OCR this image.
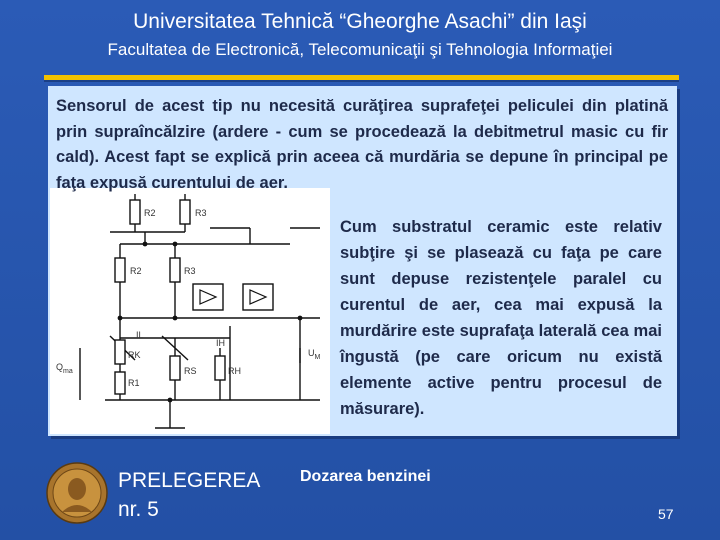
Universitatea Tehnică “Gheorghe Asachi” din Iaşi
Facultatea de Electronică, Telecomunicaţii şi Tehnologia Informaţiei
R2	R3
R2	R3
RK
RS
R1
RH
IL
IH
$Q_{ma}$
$U_M$
Sensorul de acest tip nu necesită curăţirea suprafeţei peliculei din platină prin supraîncălzire (ardere - cum se procedează la debitmetrul masic cu fir cald). Acest fapt se explică prin aceea că murdăria se depune în principal pe faţa expusă curentului de aer.
Cum substratul ceramic este relativ subţire şi se plasează cu faţa pe care sunt depuse rezistenţele paralel cu curentul de aer, cea mai expusă la murdărire este suprafaţa laterală cea mai îngustă (pe care oricum nu există elemente active pentru procesul de măsurare).
PRELEGEREA
nr. 5
Dozarea benzinei
57
